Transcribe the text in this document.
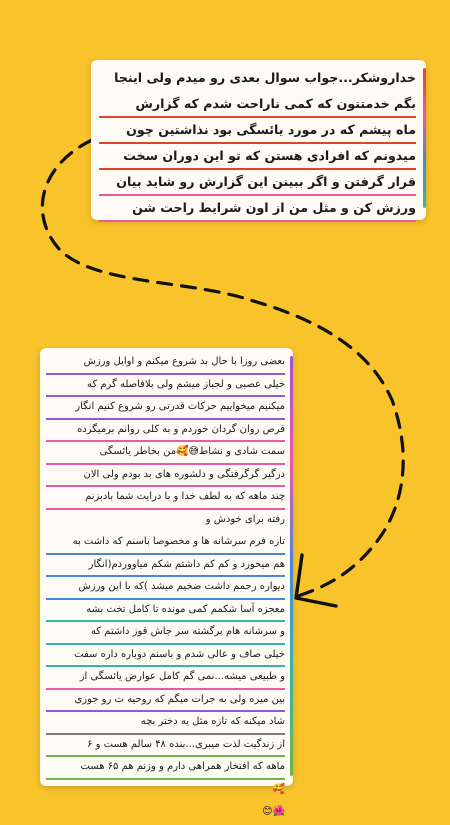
خداروشکر...جواب سوال بعدی رو میدم ولی اینجا
بگم خدمتتون که کمی ناراحت شدم که گزارش
ماه پیشم که در مورد یائسگی بود نذاشتین چون
میدونم که افرادی هستن که تو این دوران سخت
قرار گرفتن و اگر ببینن این گزارش رو شاید بیان
ورزش کن و مثل من از اون شرایط راحت شن
بعضی روزا با حال بد شروع میکنم و اوایل ورزش
خیلی عصبی و لجباز میشم ولی بلافاصله گرم که
میکنیم میخواییم حرکات قدرتی رو شروع کنیم انگار
قرص روان گردان خوردم و به کلی روانم برمیگرده
سمت شادی و نشاط😅🥰من بخاطر یائسگی
درگیر گرگرفتگی و دلشوره های بد بودم ولی الان
چند ماهه که به لطف خدا و با درایت شما بادبزنم
رفته برای خودش و
تازه فرم سرشانه ها و مخصوصا باسنم که داشت به
هم میخورد و کم کم داشتم شکم میاووردم(انگار
دیواره رحمم داشت ضخیم میشد )که با این ورزش
معجزه آسا شکمم کمی مونده تا کامل تخت بشه
و سرشانه هام برگشته سر جاش قوز داشتم که
خیلی صاف و عالی شدم و باسنم دوباره داره سفت
و طبیعی میشه...نمی گم کامل عوارض یائسگی از
بین میره ولی به جرات میگم که روحیه ت رو جوری
شاد میکنه که تازه مثل یه دختر بچه
از زندگیت لذت میبری...بنده ۴۸ سالم هست و ۶
ماهه که افتخار همراهی دارم و وزنم هم ۶۵ هست
🥰
🌺😊
